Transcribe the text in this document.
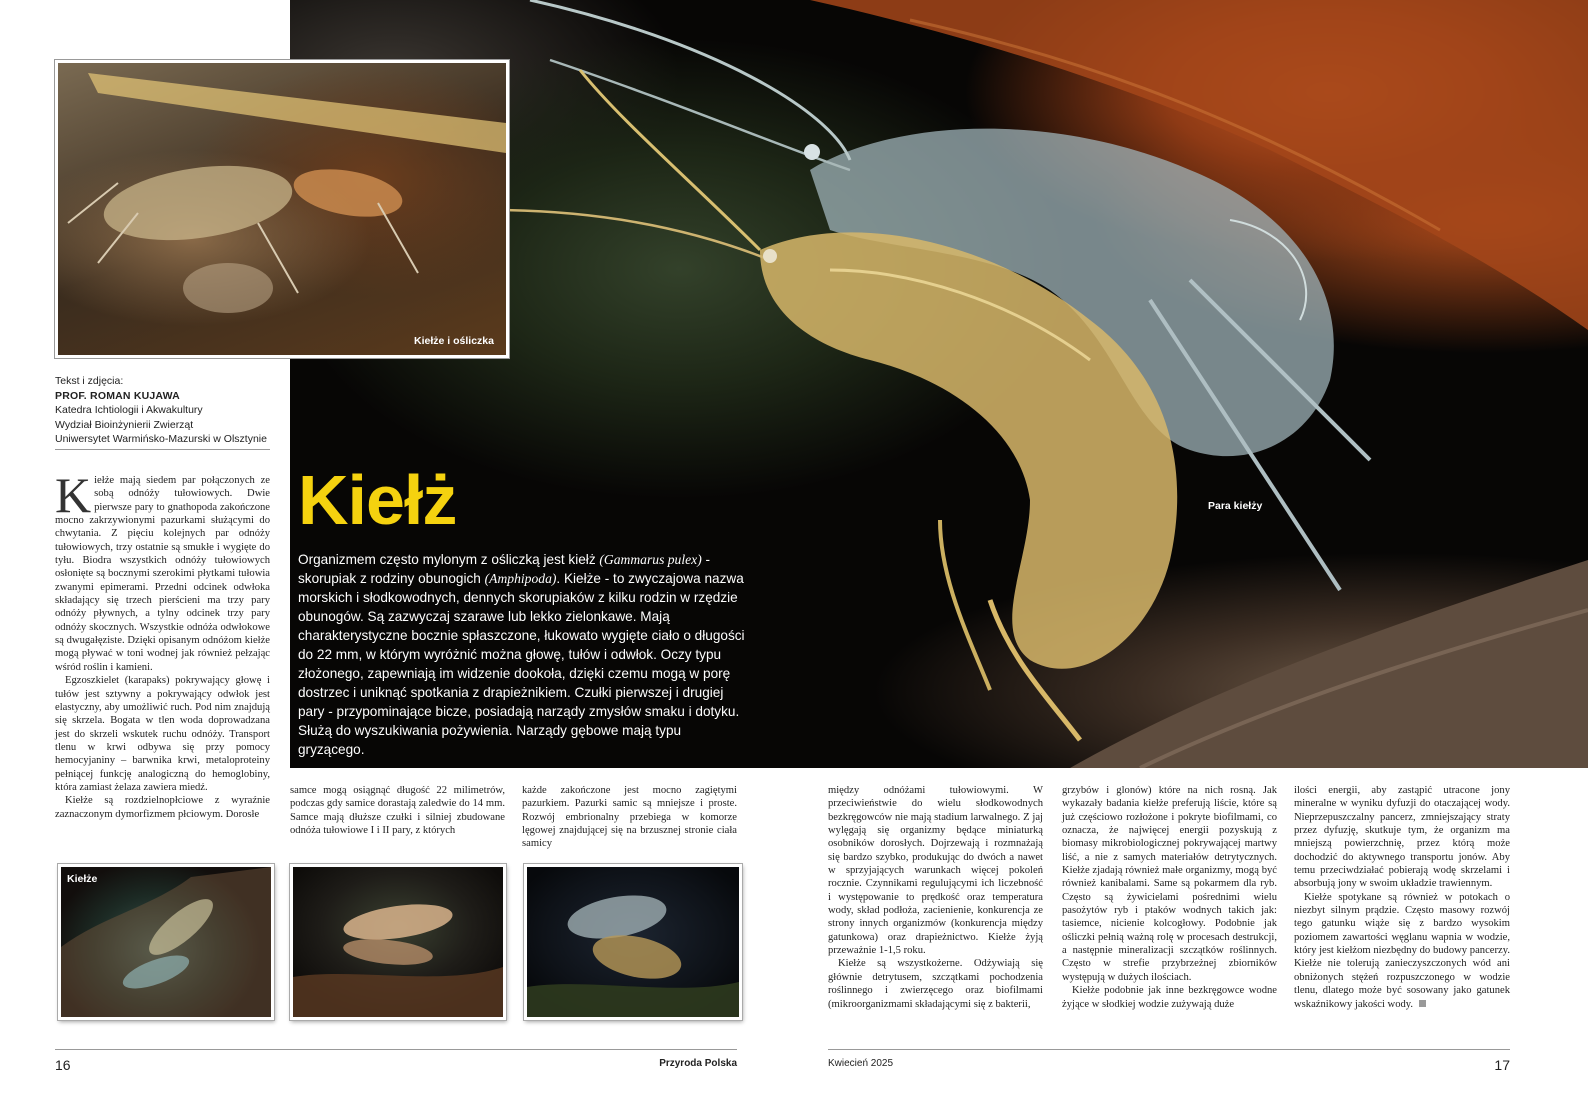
Kiełże i ośliczka
Tekst i zdjęcia:
PROF. ROMAN KUJAWA
Katedra Ichtiologii i Akwakultury
Wydział Bioinżynierii Zwierząt
Uniwersytet Warmińsko-Mazurski w Olsztynie
Kiełż
Organizmem często mylonym z ośliczką jest kiełż (Gammarus pulex) - skorupiak z rodziny obunogich (Amphipoda). Kiełże - to zwyczajowa nazwa morskich i słodkowodnych, dennych skorupiaków z kilku rodzin w rzędzie obunogów. Są zazwyczaj szarawe lub lekko zielonkawe. Mają charakterystyczne bocznie spłaszczone, łukowato wygięte ciało o długości do 22 mm, w którym wyróżnić można głowę, tułów i odwłok. Oczy typu złożonego, zapewniają im widzenie dookoła, dzięki czemu mogą w porę dostrzec i uniknąć spotkania z drapieżnikiem. Czułki pierwszej i drugiej pary - przypominające bicze, posiadają narządy zmysłów smaku i dotyku. Służą do wyszukiwania pożywienia. Narządy gębowe mają typu gryzącego.
Para kiełży

Kiełże mają siedem par połączonych ze sobą odnóży tułowiowych. Dwie pierwsze pary to gnathopoda zakończone mocno zakrzywionymi pazurkami służącymi do chwytania. Z pięciu kolejnych par odnóży tułowiowych, trzy ostatnie są smukłe i wygięte do tyłu. Biodra wszystkich odnóży tułowiowych osłonięte są bocznymi szerokimi płytkami tułowia zwanymi epimerami. Przedni odcinek odwłoka składający się trzech pierścieni ma trzy pary odnóży pływnych, a tylny odcinek trzy pary odnóży skocznych. Wszystkie odnóża odwłokowe są dwugałęziste. Dzięki opisanym odnóżom kiełże mogą pływać w toni wodnej jak również pełzając wśród roślin i kamieni.

Egzoszkielet (karapaks) pokrywający głowę i tułów jest sztywny a pokrywający odwłok jest elastyczny, aby umożliwić ruch. Pod nim znajdują się skrzela. Bogata w tlen woda doprowadzana jest do skrzeli wskutek ruchu odnóży. Transport tlenu w krwi odbywa się przy pomocy hemocyjaniny – barwnika krwi, metaloproteiny pełniącej funkcję analogiczną do hemoglobiny, która zamiast żelaza zawiera miedź.

Kiełże są rozdzielnopłciowe z wyraźnie zaznaczonym dymorfizmem płciowym. Dorosłe

samce mogą osiągnąć długość 22 milimetrów, podczas gdy samice dorastają zaledwie do 14 mm. Samce mają dłuższe czułki i silniej zbudowane odnóża tułowiowe I i II pary, z których

każde zakończone jest mocno zagiętymi pazurkiem. Pazurki samic są mniejsze i proste. Rozwój embrionalny przebiega w komorze lęgowej znajdującej się na brzusznej stronie ciała samicy

Kiełże

między odnóżami tułowiowymi. W przeciwieństwie do wielu słodkowodnych bezkręgowców nie mają stadium larwalnego. Z jaj wylęgają się organizmy będące miniaturką osobników dorosłych. Dojrzewają i rozmnażają się bardzo szybko, produkując do dwóch a nawet w sprzyjających warunkach więcej pokoleń rocznie. Czynnikami regulującymi ich liczebność i występowanie to prędkość oraz temperatura wody, skład podłoża, zacienienie, konkurencja ze strony innych organizmów (konkurencja między gatunkowa) oraz drapieżnictwo. Kiełże żyją przeważnie 1-1,5 roku.

Kiełże są wszystkożerne. Odżywiają się głównie detrytusem, szczątkami pochodzenia roślinnego i zwierzęcego oraz biofilmami (mikroorganizmami składającymi się z bakterii,

grzybów i glonów) które na nich rosną. Jak wykazały badania kiełże preferują liście, które są już częściowo rozłożone i pokryte biofilmami, co oznacza, że najwięcej energii pozyskują z biomasy mikrobiologicznej pokrywającej martwy liść, a nie z samych materiałów detrytycznych. Kiełże zjadają również małe organizmy, mogą być również kanibalami. Same są pokarmem dla ryb. Często są żywicielami pośrednimi wielu pasożytów ryb i ptaków wodnych takich jak: tasiemce, nicienie kolcogłowy. Podobnie jak ośliczki pełnią ważną rolę w procesach destrukcji, a następnie mineralizacji szczątków roślinnych. Często w strefie przybrzeżnej zbiorników występują w dużych ilościach.

Kiełże podobnie jak inne bezkręgowce wodne żyjące w słodkiej wodzie zużywają duże

ilości energii, aby zastąpić utracone jony mineralne w wyniku dyfuzji do otaczającej wody. Nieprzepuszczalny pancerz, zmniejszający straty przez dyfuzję, skutkuje tym, że organizm ma mniejszą powierzchnię, przez którą może dochodzić do aktywnego transportu jonów. Aby temu przeciwdziałać pobierają wodę skrzelami i absorbują jony w swoim układzie trawiennym.

Kiełże spotykane są również w potokach o niezbyt silnym prądzie. Często masowy rozwój tego gatunku wiąże się z bardzo wysokim poziomem zawartości węglanu wapnia w wodzie, który jest kiełżom niezbędny do budowy pancerzy. Kiełże nie tolerują zanieczyszczonych wód ani obniżonych stężeń rozpuszczonego w wodzie tlenu, dlatego może być sosowany jako gatunek wskaźnikowy jakości wody.

16	Przyroda Polska	Kwiecień 2025	17
